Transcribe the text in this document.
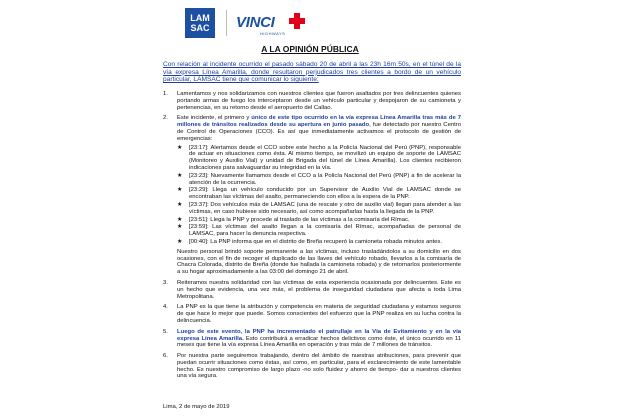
LAM
SAC	VINCI
HIGHWAYS
A LA OPINIÓN PÚBLICA
Con relación al incidente ocurrido el pasado sábado 20 de abril a las 23h 16m 50s, en el túnel de la vía expresa Línea Amarilla, donde resultaron perjudicados tres clientes a bordo de un vehículo particular, LAMSAC tiene que comunicar lo siguiente:
1.	Lamentamos y nos solidarizamos con nuestros clientes que fueron asaltados por tres delincuentes quienes portando armas de fuego los interceptaron desde un vehículo particular y despojaron de su camioneta y pertenencias, en su retorno desde el aeropuerto del Callao.
2.	Este incidente, el primero y único de este tipo ocurrido en la vía expresa Línea Amarilla tras más de 7 millones de tránsitos realizados desde su apertura en junio pasado, fue detectado por nuestro Centro de Control de Operaciones (CCO). Es así que inmediatamente activamos el protocolo de gestión de emergencias:
★	[23:17]: Alertamos desde el CCO sobre este hecho a la Policía Nacional del Perú (PNP), responsable de actuar en situaciones como ésta. Al mismo tiempo, se movilizó un equipo de soporte de LAMSAC (Monitoreo y Auxilio Vial) y unidad de Brigada del túnel de Línea Amarilla). Los clientes recibieron indicaciones para salvaguardar su integridad en la vía.
★	[23:23]: Nuevamente llamamos desde el CCO a la Policía Nacional del Perú (PNP) a fin de acelerar la atención de la ocurrencia.
★	[23:29]: Llega un vehículo conducido por un Supervisor de Auxilio Vial de LAMSAC donde se encontraban las víctimas del asalto, permaneciendo con ellos a la espera de la PNP.
★	[23:37]: Dos vehículos más de LAMSAC (una de rescate y otro de auxilio vial) llegan para atender a las víctimas, en caso hubiese sido necesario, así como acompañarlas hasta la llegada de la PNP.
★	[23:51]: Llega la PNP y procede al traslado de las víctimas a la comisaría del Rímac.
★	[23:59]: Las víctimas del asalto llegan a la comisaría del Rímac, acompañadas de personal de LAMSAC, para hacer la denuncia respectiva.
★	[00:40]: La PNP informa que en el distrito de Breña recuperó la camioneta robada minutos antes.
Nuestro personal brindó soporte permanente a las víctimas, incluso trasladándolos a su domicilio en dos ocasiones, con el fin de recoger el duplicado de las llaves del vehículo robado, llevarlos a la comisaría de Chacra Colorada, distrito de Breña (donde fue hallada la camioneta robada) y de retornarlos posteriormente a su hogar aproximadamente a las 03:00 del domingo 21 de abril.
3.	Reiteramos nuestra solidaridad con las víctimas de esta experiencia ocasionada por delincuentes. Este es un hecho que evidencia, una vez más, el problema de inseguridad ciudadana que afecta a toda Lima Metropolitana.
4.	La PNP es la que tiene la atribución y competencia en materia de seguridad ciudadana y estamos seguros de que hace lo mejor que puede. Somos conscientes del esfuerzo que la PNP realiza en su lucha contra la delincuencia.
5.	Luego de este evento, la PNP ha incrementado el patrullaje en la Vía de Evitamiento y en la vía expresa Línea Amarilla. Esto contribuirá a erradicar hechos delictivos como éste, el único ocurrido en 11 meses que tiene la vía expresa Línea Amarilla en operación y tras más de 7 millones de tránsitos.
6.	Por nuestra parte seguiremos trabajando, dentro del ámbito de nuestras atribuciones, para prevenir que puedan ocurrir situaciones como éstas, así como, en particular, para el esclarecimiento de este lamentable hecho. Es nuestro compromiso de largo plazo -no solo fluidez y ahorro de tiempo- dar a nuestros clientes una vía segura.
Lima, 2 de mayo de 2019
